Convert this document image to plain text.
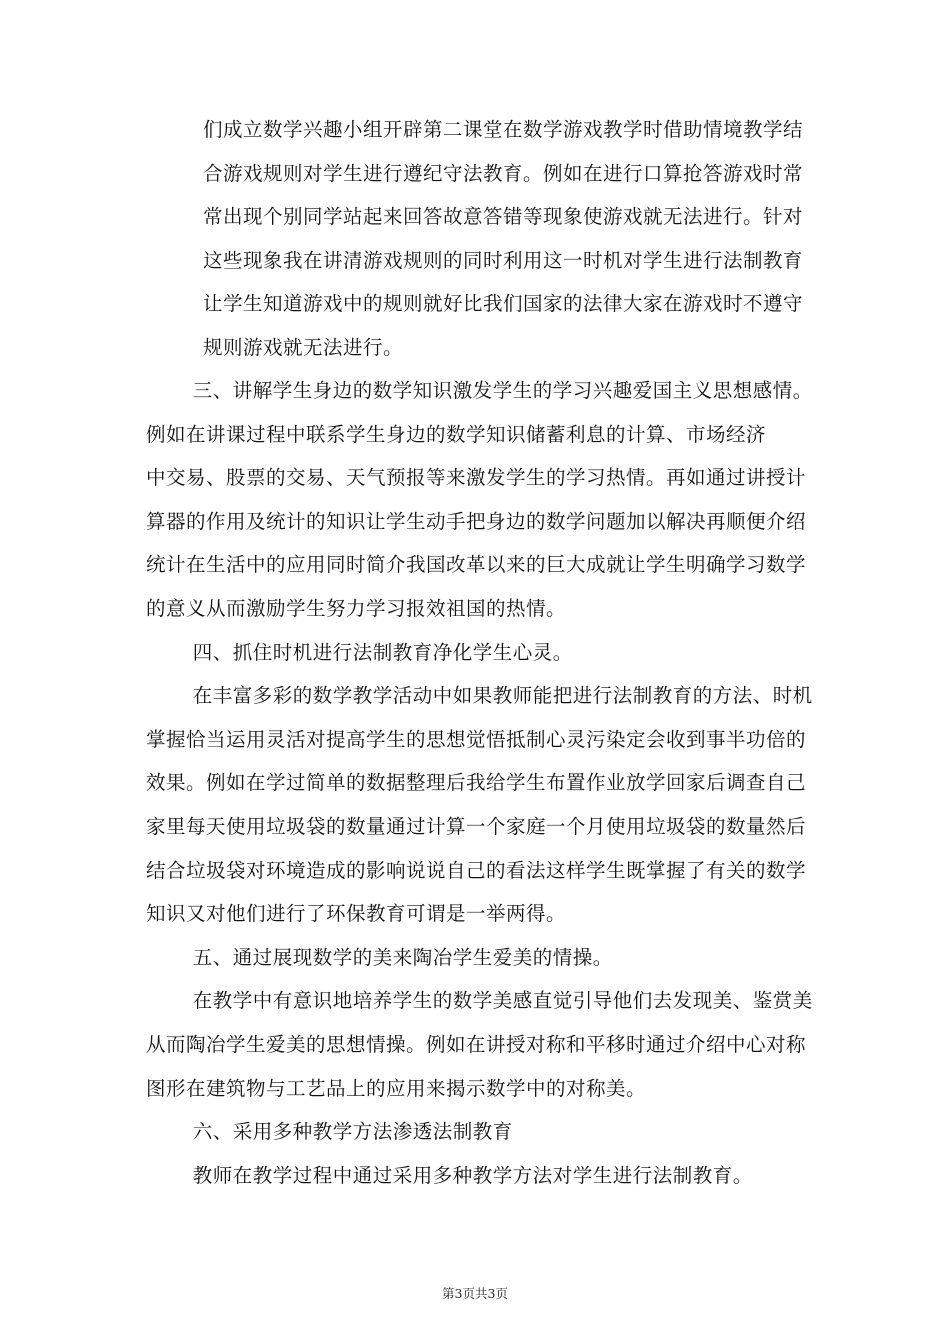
们成立数学兴趣小组开辟第二课堂在数学游戏教学时借助情境教学结
合游戏规则对学生进行遵纪守法教育。例如在进行口算抢答游戏时常
常出现个别同学站起来回答故意答错等现象使游戏就无法进行。针对
这些现象我在讲清游戏规则的同时利用这一时机对学生进行法制教育
让学生知道游戏中的规则就好比我们国家的法律大家在游戏时不遵守
规则游戏就无法进行。
三、讲解学生身边的数学知识激发学生的学习兴趣爱国主义思想感情。
例如在讲课过程中联系学生身边的数学知识储蓄利息的计算、市场经济
中交易、股票的交易、天气预报等来激发学生的学习热情。再如通过讲授计
算器的作用及统计的知识让学生动手把身边的数学问题加以解决再顺便介绍
统计在生活中的应用同时简介我国改革以来的巨大成就让学生明确学习数学
的意义从而激励学生努力学习报效祖国的热情。
四、抓住时机进行法制教育净化学生心灵。
在丰富多彩的数学教学活动中如果教师能把进行法制教育的方法、时机
掌握恰当运用灵活对提高学生的思想觉悟抵制心灵污染定会收到事半功倍的
效果。例如在学过简单的数据整理后我给学生布置作业放学回家后调查自己
家里每天使用垃圾袋的数量通过计算一个家庭一个月使用垃圾袋的数量然后
结合垃圾袋对环境造成的影响说说自己的看法这样学生既掌握了有关的数学
知识又对他们进行了环保教育可谓是一举两得。
五、通过展现数学的美来陶冶学生爱美的情操。
在教学中有意识地培养学生的数学美感直觉引导他们去发现美、鉴赏美
从而陶冶学生爱美的思想情操。例如在讲授对称和平移时通过介绍中心对称
图形在建筑物与工艺品上的应用来揭示数学中的对称美。
六、采用多种教学方法渗透法制教育
教师在教学过程中通过采用多种教学方法对学生进行法制教育。
第3页共3页
